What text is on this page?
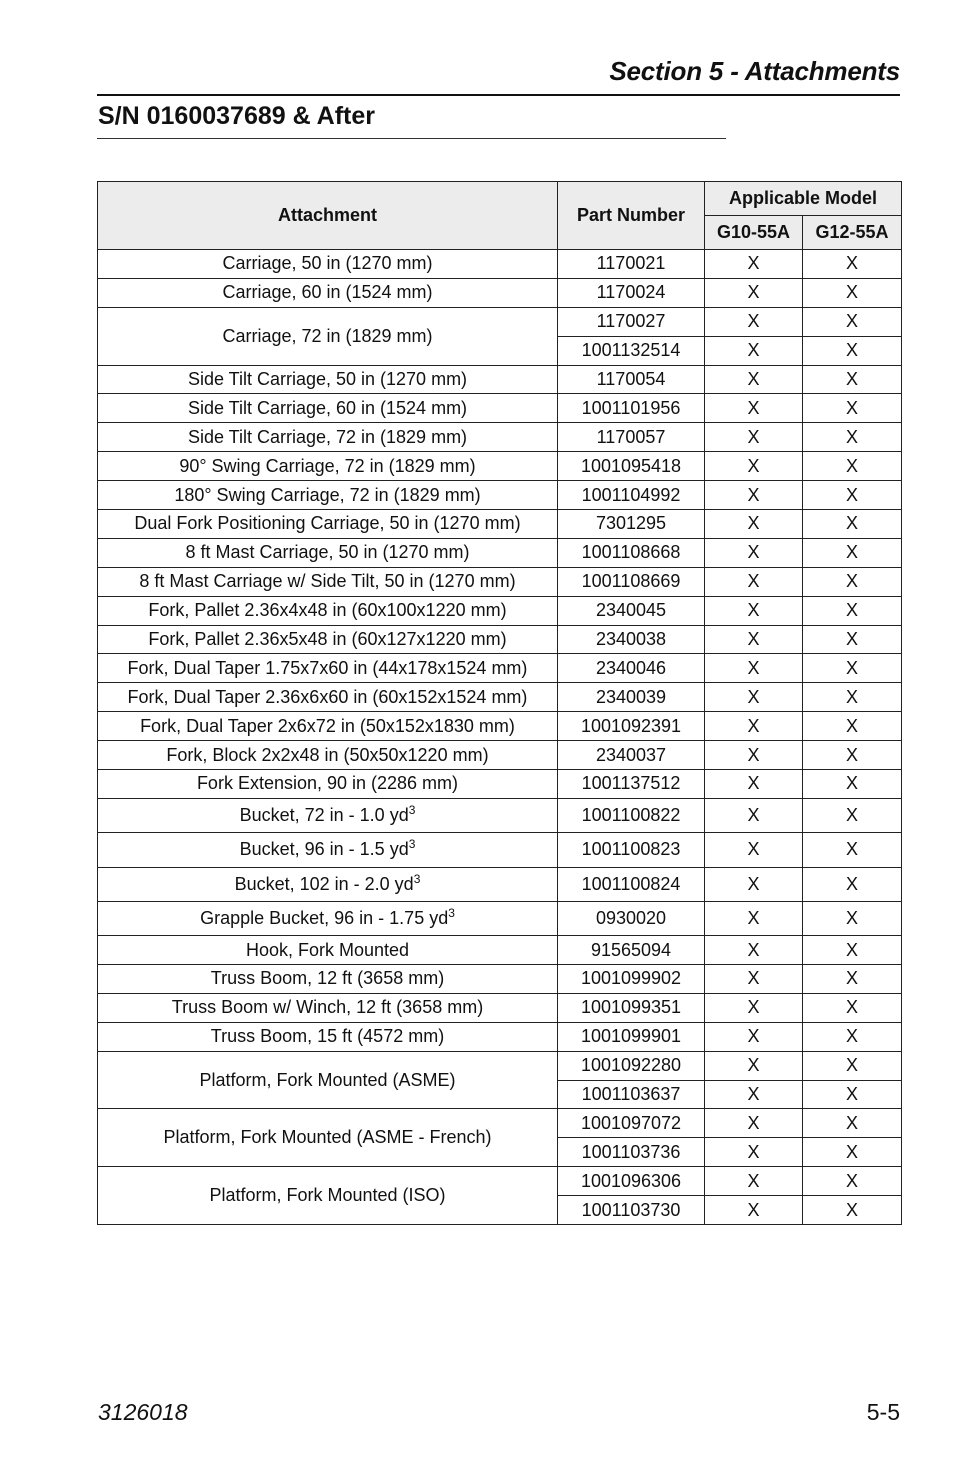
Section 5 - Attachments
S/N 0160037689 & After
Attachment	Part Number	Applicable Model	
		G10-55A	G12-55A
Carriage, 50 in (1270 mm)	1170021	X	X
Carriage, 60 in (1524 mm)	1170024	X	X
Carriage, 72 in (1829 mm)	1170027	X	X
	1001132514	X	X
Side Tilt Carriage, 50 in (1270 mm)	1170054	X	X
Side Tilt Carriage, 60 in (1524 mm)	1001101956	X	X
Side Tilt Carriage, 72 in (1829 mm)	1170057	X	X
90° Swing Carriage, 72 in (1829 mm)	1001095418	X	X
180° Swing Carriage, 72 in (1829 mm)	1001104992	X	X
Dual Fork Positioning Carriage, 50 in (1270 mm)	7301295	X	X
8 ft Mast Carriage, 50 in (1270 mm)	1001108668	X	X
8 ft Mast Carriage w/ Side Tilt, 50 in (1270 mm)	1001108669	X	X
Fork, Pallet 2.36x4x48 in (60x100x1220 mm)	2340045	X	X
Fork, Pallet 2.36x5x48 in (60x127x1220 mm)	2340038	X	X
Fork, Dual Taper 1.75x7x60 in (44x178x1524 mm)	2340046	X	X
Fork, Dual Taper 2.36x6x60 in (60x152x1524 mm)	2340039	X	X
Fork, Dual Taper 2x6x72 in (50x152x1830 mm)	1001092391	X	X
Fork, Block 2x2x48 in (50x50x1220 mm)	2340037	X	X
Fork Extension, 90 in (2286 mm)	1001137512	X	X
Bucket, 72 in - 1.0 $yd^3$	1001100822	X	X
Bucket, 96 in - 1.5 $yd^3$	1001100823	X	X
Bucket, 102 in - 2.0 $yd^3$	1001100824	X	X
Grapple Bucket, 96 in - 1.75 $yd^3$	0930020	X	X
Hook, Fork Mounted	91565094	X	X
Truss Boom, 12 ft (3658 mm)	1001099902	X	X
Truss Boom w/ Winch, 12 ft (3658 mm)	1001099351	X	X
Truss Boom, 15 ft (4572 mm)	1001099901	X	X
Platform, Fork Mounted (ASME)	1001092280	X	X
	1001103637	X	X
Platform, Fork Mounted (ASME - French)	1001097072	X	X
	1001103736	X	X
Platform, Fork Mounted (ISO)	1001096306	X	X
	1001103730	X	X
3126018	5-5
